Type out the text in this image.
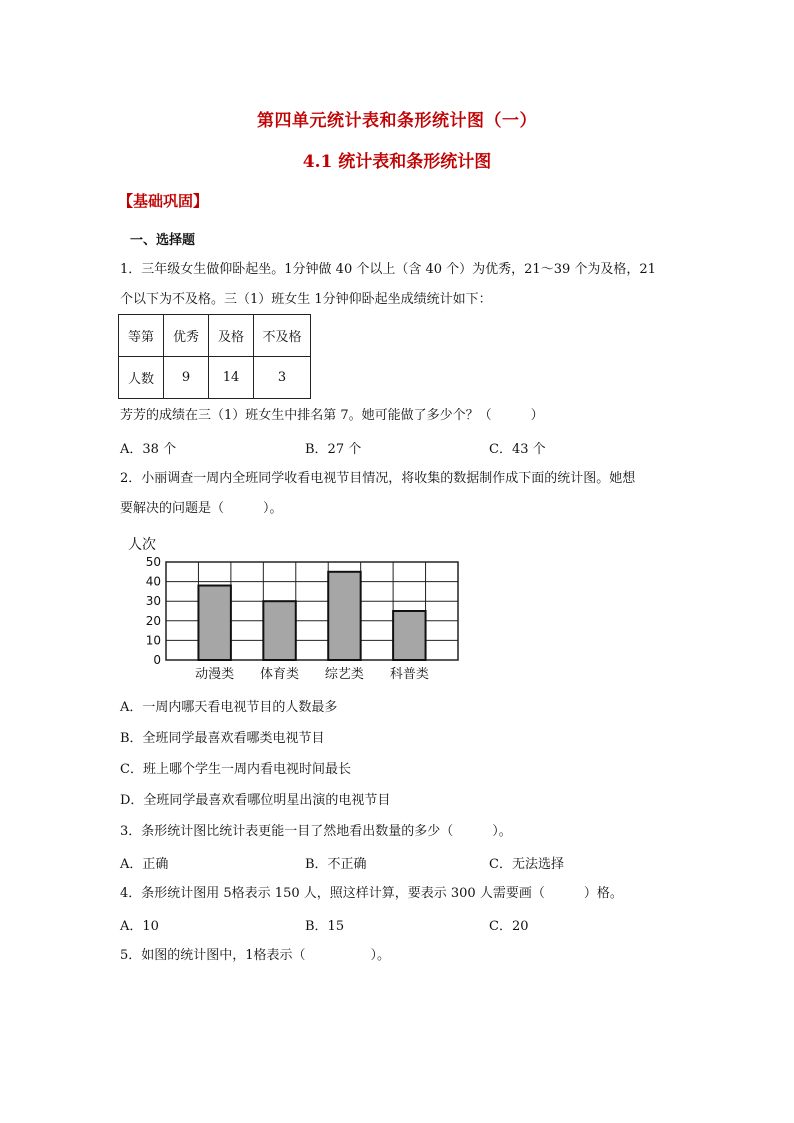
第四单元统计表和条形统计图（一）
4.1 统计表和条形统计图
【基础巩固】
一、选择题
1．三年级女生做仰卧起坐。1分钟做 40 个以上（含 40 个）为优秀，21～39 个为及格，21
个以下为不及格。三（1）班女生 1分钟仰卧起坐成绩统计如下：
等第	优秀	及格	不及格
人数	9	14	3
芳芳的成绩在三（1）班女生中排名第 7。她可能做了多少个？（　　　）
A．38 个	B．27 个	C．43 个
2．小丽调查一周内全班同学收看电视节目情况，将收集的数据制作成下面的统计图。她想
要解决的问题是（　　　）。
人次
0
10
20
30
40
50
动漫类 体育类 综艺类 科普类
A．一周内哪天看电视节目的人数最多
B．全班同学最喜欢看哪类电视节目
C．班上哪个学生一周内看电视时间最长
D．全班同学最喜欢看哪位明星出演的电视节目
3．条形统计图比统计表更能一目了然地看出数量的多少（　　　）。
A．正确	B．不正确	C．无法选择
4．条形统计图用 5格表示 150 人，照这样计算，要表示 300 人需要画（　　　）格。
A．10	B．15	C．20
5．如图的统计图中，1格表示（　　　　　）。
